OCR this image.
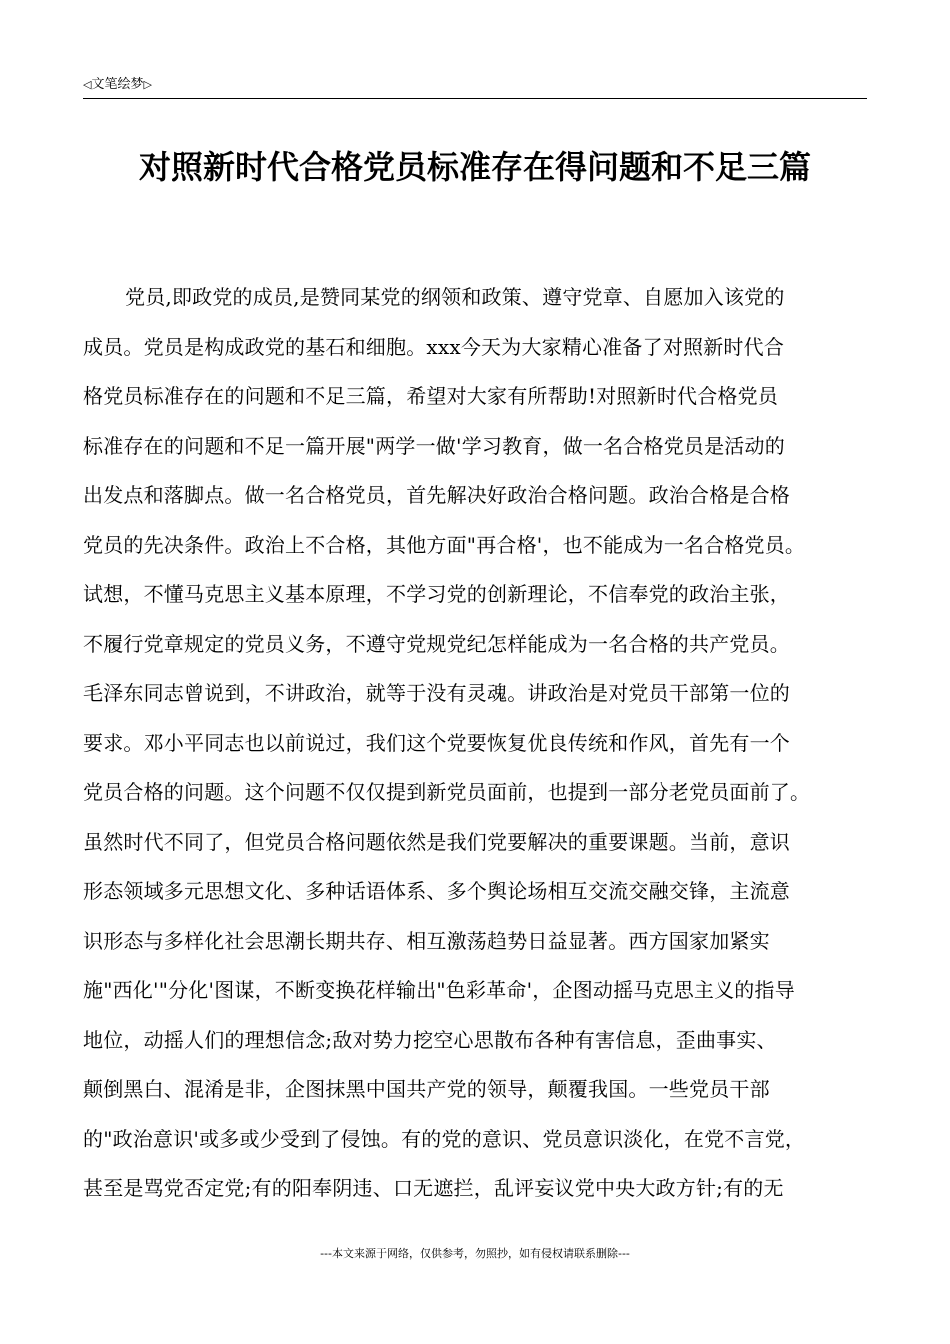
◁文笔绘梦▷
对照新时代合格党员标准存在得问题和不足三篇
党员,即政党的成员,是赞同某党的纲领和政策、遵守党章、自愿加入该党的
成员。党员是构成政党的基石和细胞。xxx今天为大家精心准备了对照新时代合
格党员标准存在的问题和不足三篇，希望对大家有所帮助!对照新时代合格党员
标准存在的问题和不足一篇开展"两学一做'学习教育，做一名合格党员是活动的
出发点和落脚点。做一名合格党员，首先解决好政治合格问题。政治合格是合格
党员的先决条件。政治上不合格，其他方面"再合格'，也不能成为一名合格党员。
试想，不懂马克思主义基本原理，不学习党的创新理论，不信奉党的政治主张，
不履行党章规定的党员义务，不遵守党规党纪怎样能成为一名合格的共产党员。
毛泽东同志曾说到，不讲政治，就等于没有灵魂。讲政治是对党员干部第一位的
要求。邓小平同志也以前说过，我们这个党要恢复优良传统和作风，首先有一个
党员合格的问题。这个问题不仅仅提到新党员面前，也提到一部分老党员面前了。
虽然时代不同了，但党员合格问题依然是我们党要解决的重要课题。当前，意识
形态领域多元思想文化、多种话语体系、多个舆论场相互交流交融交锋，主流意
识形态与多样化社会思潮长期共存、相互激荡趋势日益显著。西方国家加紧实
施"西化'"分化'图谋，不断变换花样输出"色彩革命'，企图动摇马克思主义的指导
地位，动摇人们的理想信念;敌对势力挖空心思散布各种有害信息，歪曲事实、
颠倒黑白、混淆是非，企图抹黑中国共产党的领导，颠覆我国。一些党员干部
的"政治意识'或多或少受到了侵蚀。有的党的意识、党员意识淡化，在党不言党，
甚至是骂党否定党;有的阳奉阴违、口无遮拦，乱评妄议党中央大政方针;有的无
---本文来源于网络，仅供参考，勿照抄，如有侵权请联系删除---
